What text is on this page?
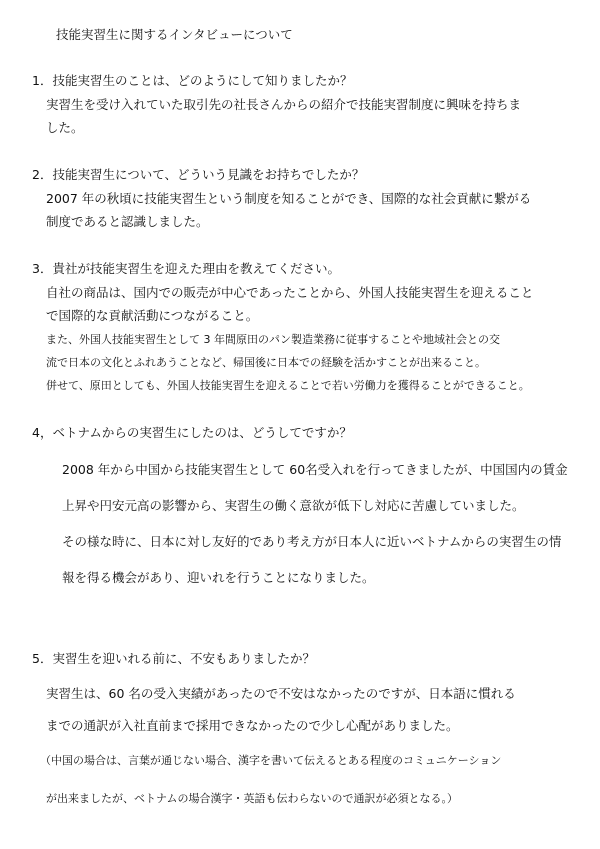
技能実習生に関するインタビューについて
1．技能実習生のことは、どのようにして知りましたか？
実習生を受け入れていた取引先の社長さんからの紹介で技能実習制度に興味を持ちま
した。
2．技能実習生について、どういう見識をお持ちでしたか？
2007 年の秋頃に技能実習生という制度を知ることができ、国際的な社会貢献に繋がる
制度であると認識しました。
3．貴社が技能実習生を迎えた理由を教えてください。
自社の商品は、国内での販売が中心であったことから、外国人技能実習生を迎えること
で国際的な貢献活動につながること。
また、外国人技能実習生として 3 年間原田のパン製造業務に従事することや地域社会との交
流で日本の文化とふれあうことなど、帰国後に日本での経験を活かすことが出来ること。
併せて、原田としても、外国人技能実習生を迎えることで若い労働力を獲得ることができること。
4，ベトナムからの実習生にしたのは、どうしてですか？
2008 年から中国から技能実習生として 60名受入れを行ってきましたが、中国国内の賃金
上昇や円安元高の影響から、実習生の働く意欲が低下し対応に苦慮していました。
その様な時に、日本に対し友好的であり考え方が日本人に近いベトナムからの実習生の情
報を得る機会があり、迎いれを行うことになりました。
5．実習生を迎いれる前に、不安もありましたか？
実習生は、60 名の受入実績があったので不安はなかったのですが、日本語に慣れる
までの通訳が入社直前まで採用できなかったので少し心配がありました。
（中国の場合は、言葉が通じない場合、漢字を書いて伝えるとある程度のコミュニケーション
が出来ましたが、ベトナムの場合漢字・英語も伝わらないので通訳が必須となる。）
